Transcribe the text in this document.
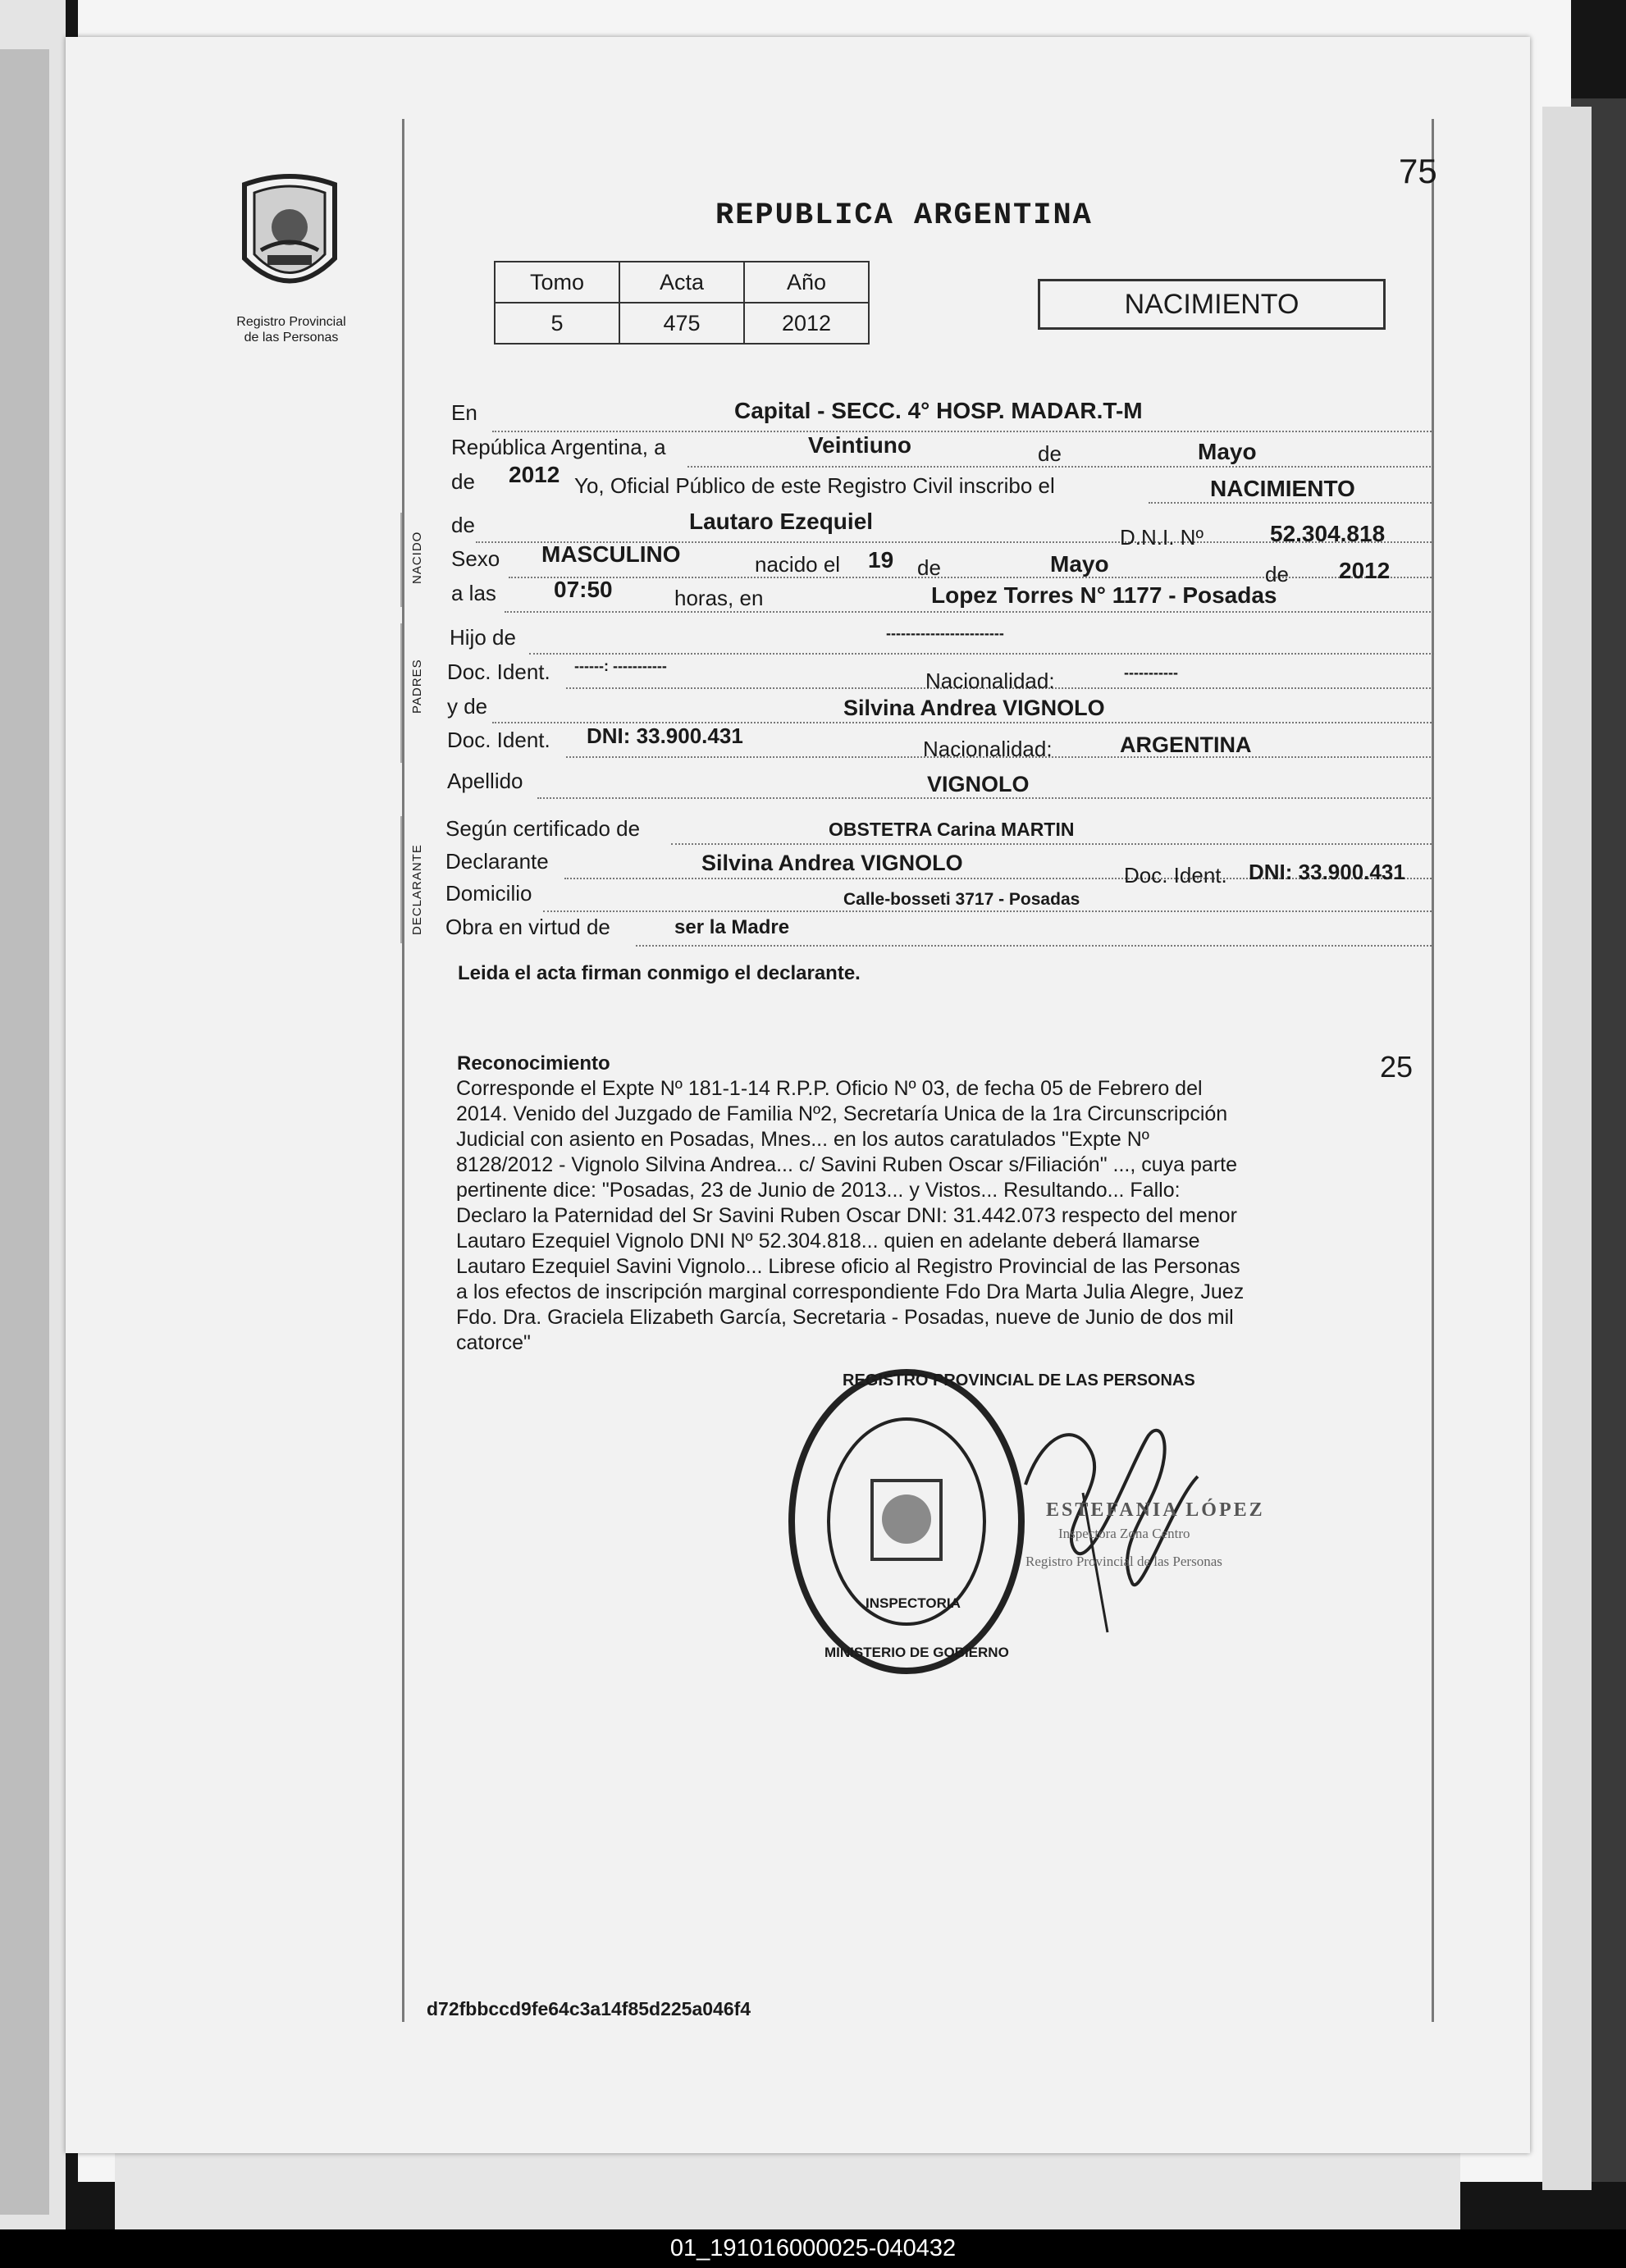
75
Registro Provincial
de las Personas
REPUBLICA ARGENTINA
Tomo	Acta	Año
5	475	2012
NACIMIENTO
En	Capital - SECC. 4° HOSP. MADAR.T-M
República Argentina, a	Veintiuno	de	Mayo
de 2012 Yo, Oficial Público de este Registro Civil inscribo el	NACIMIENTO
NACIDO
de	Lautaro Ezequiel
D.N.I. Nº	52.304.818
Sexo MASCULINO	nacido el 19 de	Mayo	de 2012
a las	07:50	horas, en	Lopez Torres N° 1177 - Posadas
PADRES
Hijo de	------------------------
Doc. Ident. ------: -----------
Nacionalidad:	-----------
y de	Silvina Andrea VIGNOLO
Doc. Ident. DNI: 33.900.431
Nacionalidad:	ARGENTINA
Apellido	VIGNOLO
DECLARANTE
Según certificado de	OBSTETRA Carina MARTIN
Declarante	Silvina Andrea VIGNOLO	Doc. Ident. DNI: 33.900.431
Domicilio	Calle-bosseti 3717 - Posadas
Obra en virtud de	ser la Madre
Leida el acta firman conmigo el declarante.
Reconocimiento	25
Corresponde el Expte Nº 181-1-14 R.P.P. Oficio Nº 03, de fecha 05 de Febrero del
2014. Venido del Juzgado de Familia Nº2, Secretaría Unica de la 1ra Circunscripción
Judicial con asiento en Posadas, Mnes... en los autos caratulados "Expte Nº
8128/2012 - Vignolo Silvina Andrea... c/ Savini Ruben Oscar s/Filiación" ..., cuya parte
pertinente dice: "Posadas, 23 de Junio de 2013... y Vistos... Resultando... Fallo:
Declaro la Paternidad del Sr Savini Ruben Oscar DNI: 31.442.073 respecto del menor
Lautaro Ezequiel Vignolo DNI Nº 52.304.818... quien en adelante deberá llamarse
Lautaro Ezequiel Savini Vignolo... Librese oficio al Registro Provincial de las Personas
a los efectos de inscripción marginal correspondiente Fdo Dra Marta Julia Alegre, Juez
Fdo. Dra. Graciela Elizabeth García, Secretaria - Posadas, nueve de Junio de dos mil
catorce"
REGISTRO PROVINCIAL DE LAS PERSONAS
INSPECTORIA
MINISTERIO DE GOBIERNO
ESTEFANIA LÓPEZ
Inspectora Zona Centro
Registro Provincial de las Personas
d72fbbccd9fe64c3a14f85d225a046f4
01_191016000025-040432
